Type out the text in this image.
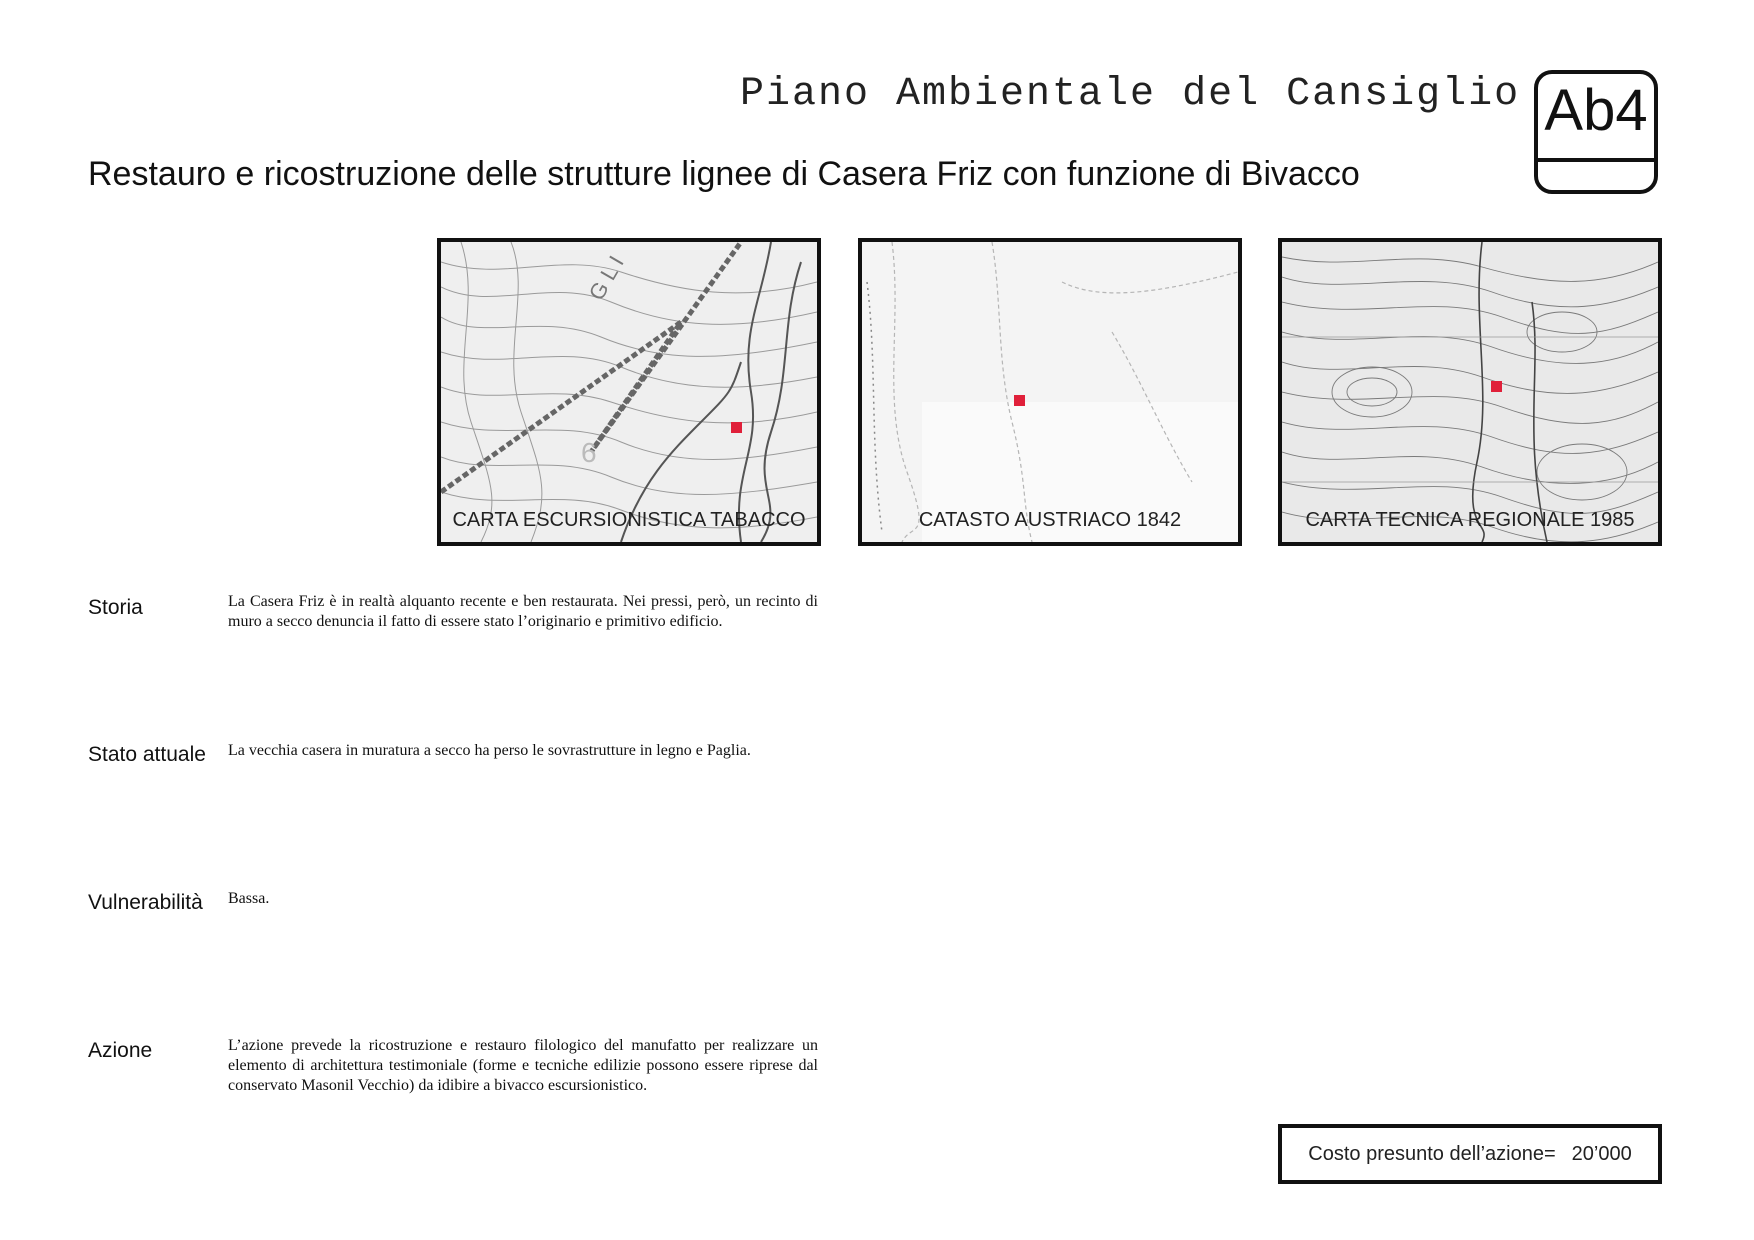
Piano Ambientale del Cansiglio Ab4
Restauro e ricostruzione delle strutture lignee di Casera Friz con funzione di Bivacco
6
G L I
CARTA ESCURSIONISTICA TABACCO	CATASTO AUSTRIACO 1842	CARTA TECNICA REGIONALE 1985
Storia	La Casera Friz è in realtà alquanto recente e ben restaurata. Nei pressi, però, un recinto di muro a secco denuncia il fatto di essere stato l’originario e primitivo edificio.
Stato attuale La vecchia casera in muratura a secco ha perso le sovrastrutture in legno e Paglia.
Vulnerabilità Bassa.
Azione	L’azione prevede la ricostruzione e restauro filologico del manufatto per realizzare un elemento di architettura testimoniale (forme e tecniche edilizie possono essere riprese dal conservato Masonil Vecchio) da idibire a bivacco escursionistico.
Costo presunto dell’azione= 20’000
